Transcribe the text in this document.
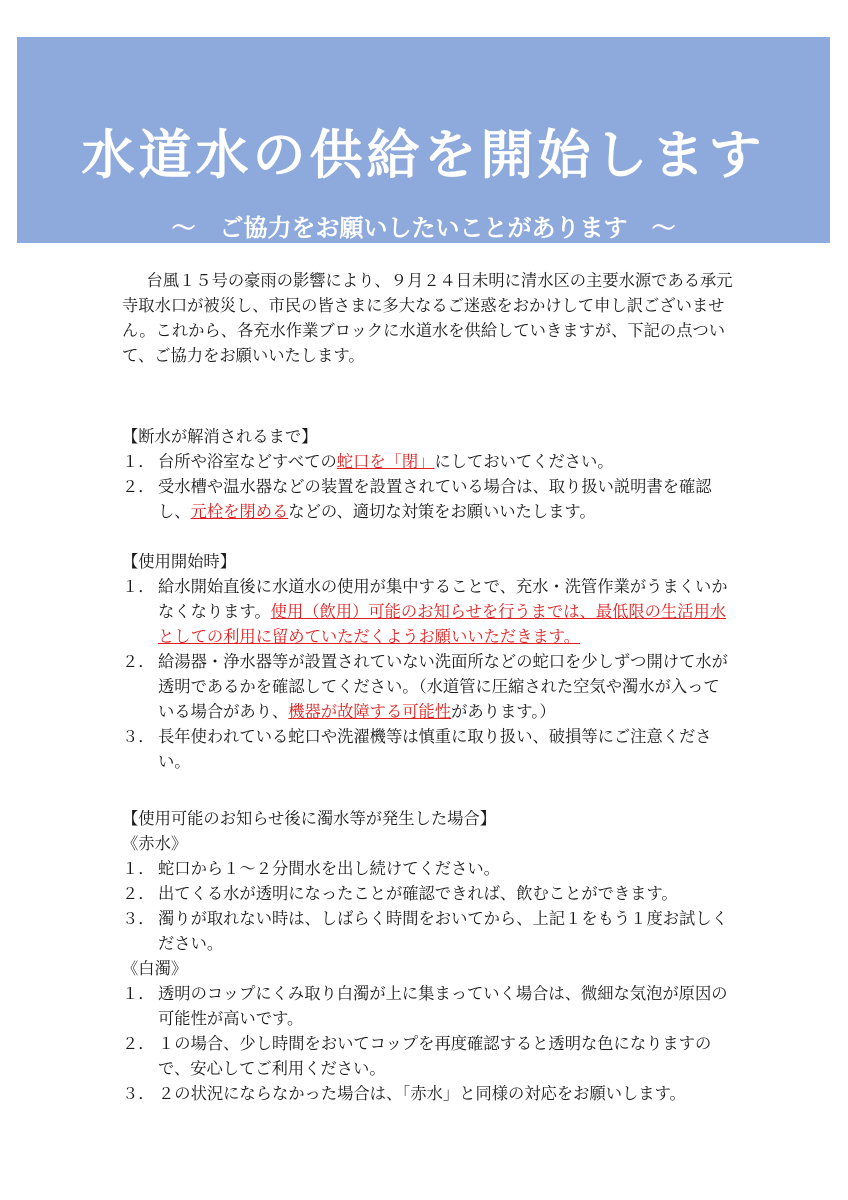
水道水の供給を開始します
～　ご協力をお願いしたいことがあります　～

台風１５号の豪雨の影響により、９月２４日未明に清水区の主要水源である承元寺取水口が被災し、市民の皆さまに多大なるご迷惑をおかけして申し訳ございません。これから、各充水作業ブロックに水道水を供給していきますが、下記の点ついて、ご協力をお願いいたします。

【断水が解消されるまで】
１． 台所や浴室などすべての蛇口を「閉」にしておいてください。
２． 受水槽や温水器などの装置を設置されている場合は、取り扱い説明書を確認し、元栓を閉めるなどの、適切な対策をお願いいたします。
【使用開始時】
１． 給水開始直後に水道水の使用が集中することで、充水・洗管作業がうまくいかなくなります。使用（飲用）可能のお知らせを行うまでは、最低限の生活用水としての利用に留めていただくようお願いいただきます。
２． 給湯器・浄水器等が設置されていない洗面所などの蛇口を少しずつ開けて水が透明であるかを確認してください。（水道管に圧縮された空気や濁水が入っている場合があり、機器が故障する可能性があります。）
３． 長年使われている蛇口や洗濯機等は慎重に取り扱い、破損等にご注意ください。
【使用可能のお知らせ後に濁水等が発生した場合】
《赤水》
１． 蛇口から１～２分間水を出し続けてください。
２． 出てくる水が透明になったことが確認できれば、飲むことができます。
３． 濁りが取れない時は、しばらく時間をおいてから、上記１をもう１度お試しください。
《白濁》
１． 透明のコップにくみ取り白濁が上に集まっていく場合は、微細な気泡が原因の可能性が高いです。
２． １の場合、少し時間をおいてコップを再度確認すると透明な色になりますので、安心してご利用ください。
３． ２の状況にならなかった場合は、「赤水」と同様の対応をお願いします。
